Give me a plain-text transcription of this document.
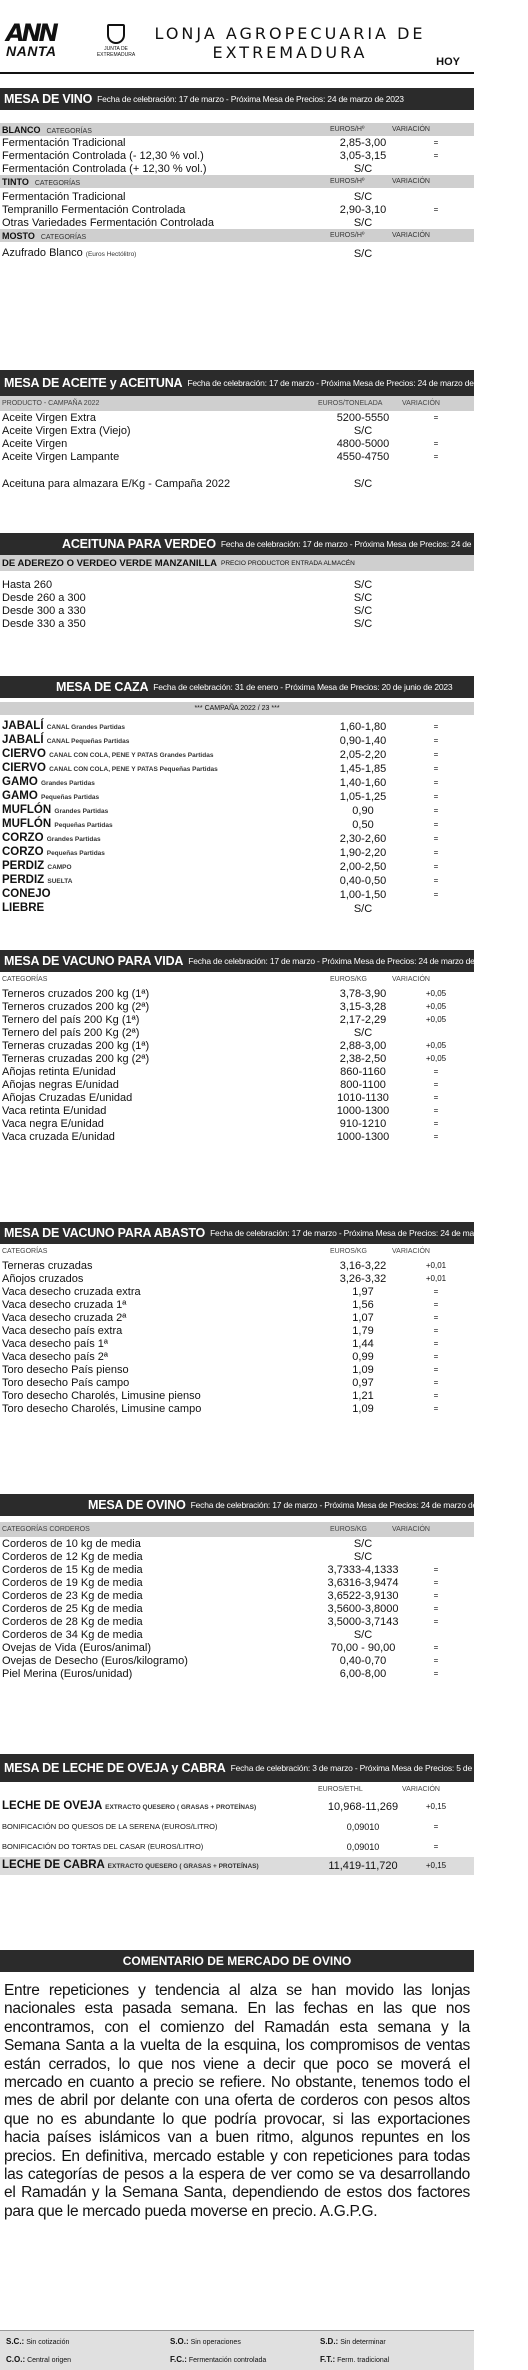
ANN
NANTA	JUNTA DE EXTREMADURA
LONJA AGROPECUARIA DE
EXTREMADURA	HOY
MESA DE VINO Fecha de celebración: 17 de marzo - Próxima Mesa de Precios: 24 de marzo de 2023
BLANCO CATEGORÍAS	EUROS/Hº	VARIACIÓN
Fermentación Tradicional	2,85-3,00	=
Fermentación Controlada (- 12,30 % vol.)	3,05-3,15	=
Fermentación Controlada (+ 12,30 % vol.)	S/C
TINTO CATEGORÍAS	EUROS/Hº	VARIACIÓN
Fermentación Tradicional	S/C
Tempranillo Fermentación Controlada	2,90-3,10	=
Otras Variedades Fermentación Controlada	S/C
MOSTO CATEGORÍAS	EUROS/Hº	VARIACIÓN
Azufrado Blanco (Euros Hectólitro)	S/C
MESA DE ACEITE y ACEITUNA Fecha de celebración: 17 de marzo - Próxima Mesa de Precios: 24 de marzo de 2023
PRODUCTO - CAMPAÑA 2022	EUROS/TONELADA	VARIACIÓN
Aceite Virgen Extra	5200-5550	=
Aceite Virgen Extra (Viejo)	S/C
Aceite Virgen	4800-5000	=
Aceite Virgen Lampante	4550-4750	=
Aceituna para almazara E/Kg - Campaña 2022	S/C
ACEITUNA PARA VERDEO Fecha de celebración: 17 de marzo - Próxima Mesa de Precios: 24 de marzo de 2023
DE ADEREZO O VERDEO VERDE MANZANILLA PRECIO PRODUCTOR ENTRADA ALMACÉN
Hasta 260	S/C
Desde 260 a 300	S/C
Desde 300 a 330	S/C
Desde 330 a 350	S/C
MESA DE CAZA Fecha de celebración: 31 de enero - Próxima Mesa de Precios: 20 de junio de 2023
*** CAMPAÑA 2022 / 23 ***
JABALÍ CANAL Grandes Partidas	1,60-1,80	=
JABALÍ CANAL Pequeñas Partidas	0,90-1,40	=
CIERVO CANAL CON COLA, PENE Y PATAS Grandes Partidas	2,05-2,20	=
CIERVO CANAL CON COLA, PENE Y PATAS Pequeñas Partidas	1,45-1,85	=
GAMO Grandes Partidas	1,40-1,60	=
GAMO Pequeñas Partidas	1,05-1,25	=
MUFLÓN Grandes Partidas	0,90	=
MUFLÓN Pequeñas Partidas	0,50	=
CORZO Grandes Partidas	2,30-2,60	=
CORZO Pequeñas Partidas	1,90-2,20	=
PERDIZ CAMPO	2,00-2,50	=
PERDIZ SUELTA	0,40-0,50	=
CONEJO	1,00-1,50	=
LIEBRE	S/C
MESA DE VACUNO PARA VIDA Fecha de celebración: 17 de marzo - Próxima Mesa de Precios: 24 de marzo de 2023
CATEGORÍAS	EUROS/KG	VARIACIÓN
Terneros cruzados 200 kg (1ª)	3,78-3,90	+0,05
Terneros cruzados 200 kg (2ª)	3,15-3,28	+0,05
Ternero del país 200 Kg (1ª)	2,17-2,29	+0,05
Ternero del país 200 Kg (2ª)	S/C
Terneras cruzadas 200 kg (1ª)	2,88-3,00	+0,05
Terneras cruzadas 200 kg (2ª)	2,38-2,50	+0,05
Añojas retinta E/unidad	860-1160	=
Añojas negras E/unidad	800-1100	=
Añojas Cruzadas E/unidad	1010-1130	=
Vaca retinta E/unidad	1000-1300	=
Vaca negra E/unidad	910-1210	=
Vaca cruzada E/unidad	1000-1300	=
MESA DE VACUNO PARA ABASTO Fecha de celebración: 17 de marzo - Próxima Mesa de Precios: 24 de marzo de 2023
CATEGORÍAS	EUROS/KG	VARIACIÓN
Terneras cruzadas	3,16-3,22	+0,01
Añojos cruzados	3,26-3,32	+0,01
Vaca desecho cruzada extra	1,97	=
Vaca desecho cruzada 1ª	1,56	=
Vaca desecho cruzada 2ª	1,07	=
Vaca desecho país extra	1,79	=
Vaca desecho país 1ª	1,44	=
Vaca desecho país 2ª	0,99	=
Toro desecho País pienso	1,09	=
Toro desecho País campo	0,97	=
Toro desecho Charolés, Limusine pienso	1,21	=
Toro desecho Charolés, Limusine campo	1,09	=
MESA DE OVINO Fecha de celebración: 17 de marzo - Próxima Mesa de Precios: 24 de marzo de 2023
CATEGORÍAS CORDEROS	EUROS/KG	VARIACIÓN
Corderos de 10 kg de media	S/C
Corderos de 12 Kg de media	S/C
Corderos de 15 Kg de media	3,7333-4,1333	=
Corderos de 19 Kg de media	3,6316-3,9474	=
Corderos de 23 Kg de media	3,6522-3,9130	=
Corderos de 25 Kg de media	3,5600-3,8000	=
Corderos de 28 Kg de media	3,5000-3,7143	=
Corderos de 34 Kg de media	S/C
Ovejas de Vida (Euros/animal)	70,00 - 90,00	=
Ovejas de Desecho (Euros/kilogramo)	0,40-0,70	=
Piel Merina (Euros/unidad)	6,00-8,00	=
MESA DE LECHE DE OVEJA y CABRA Fecha de celebración: 3 de marzo - Próxima Mesa de Precios: 5 de abril de 2023
EUROS/ETHL	VARIACIÓN
LECHE DE OVEJA EXTRACTO QUESERO ( GRASAS + PROTEÍNAS)	10,968-11,269	+0,15
BONIFICACIÓN DO QUESOS DE LA SERENA (EUROS/LITRO)	0,09010	=
BONIFICACIÓN DO TORTAS DEL CASAR (EUROS/LITRO)	0,09010	=
LECHE DE CABRA EXTRACTO QUESERO ( GRASAS + PROTEÍNAS)	11,419-11,720	+0,15
COMENTARIO DE MERCADO DE OVINO
Entre repeticiones y tendencia al alza se han movido las lonjas nacionales esta pasada semana. En las fechas en las que nos encontramos, con el comienzo del Ramadán esta semana y la Semana Santa a la vuelta de la esquina, los compromisos de ventas están cerrados, lo que nos viene a decir que poco se moverá el mercado en cuanto a precio se refiere. No obstante, tenemos todo el mes de abril por delante con una oferta de corderos con pesos altos que no es abundante lo que podría provocar, si las exportaciones hacia países islámicos van a buen ritmo, algunos repuntes en los precios. En definitiva, mercado estable y con repeticiones para todas las categorías de pesos a la espera de ver como se va desarrollando el Ramadán y la Semana Santa, dependiendo de estos dos factores para que le mercado pueda moverse en precio. A.G.P.G.
S.C.: Sin cotización	S.O.: Sin operaciones	S.D.: Sin determinar
C.O.: Central origen	F.C.: Fermentación controlada	F.T.: Ferm. tradicional
